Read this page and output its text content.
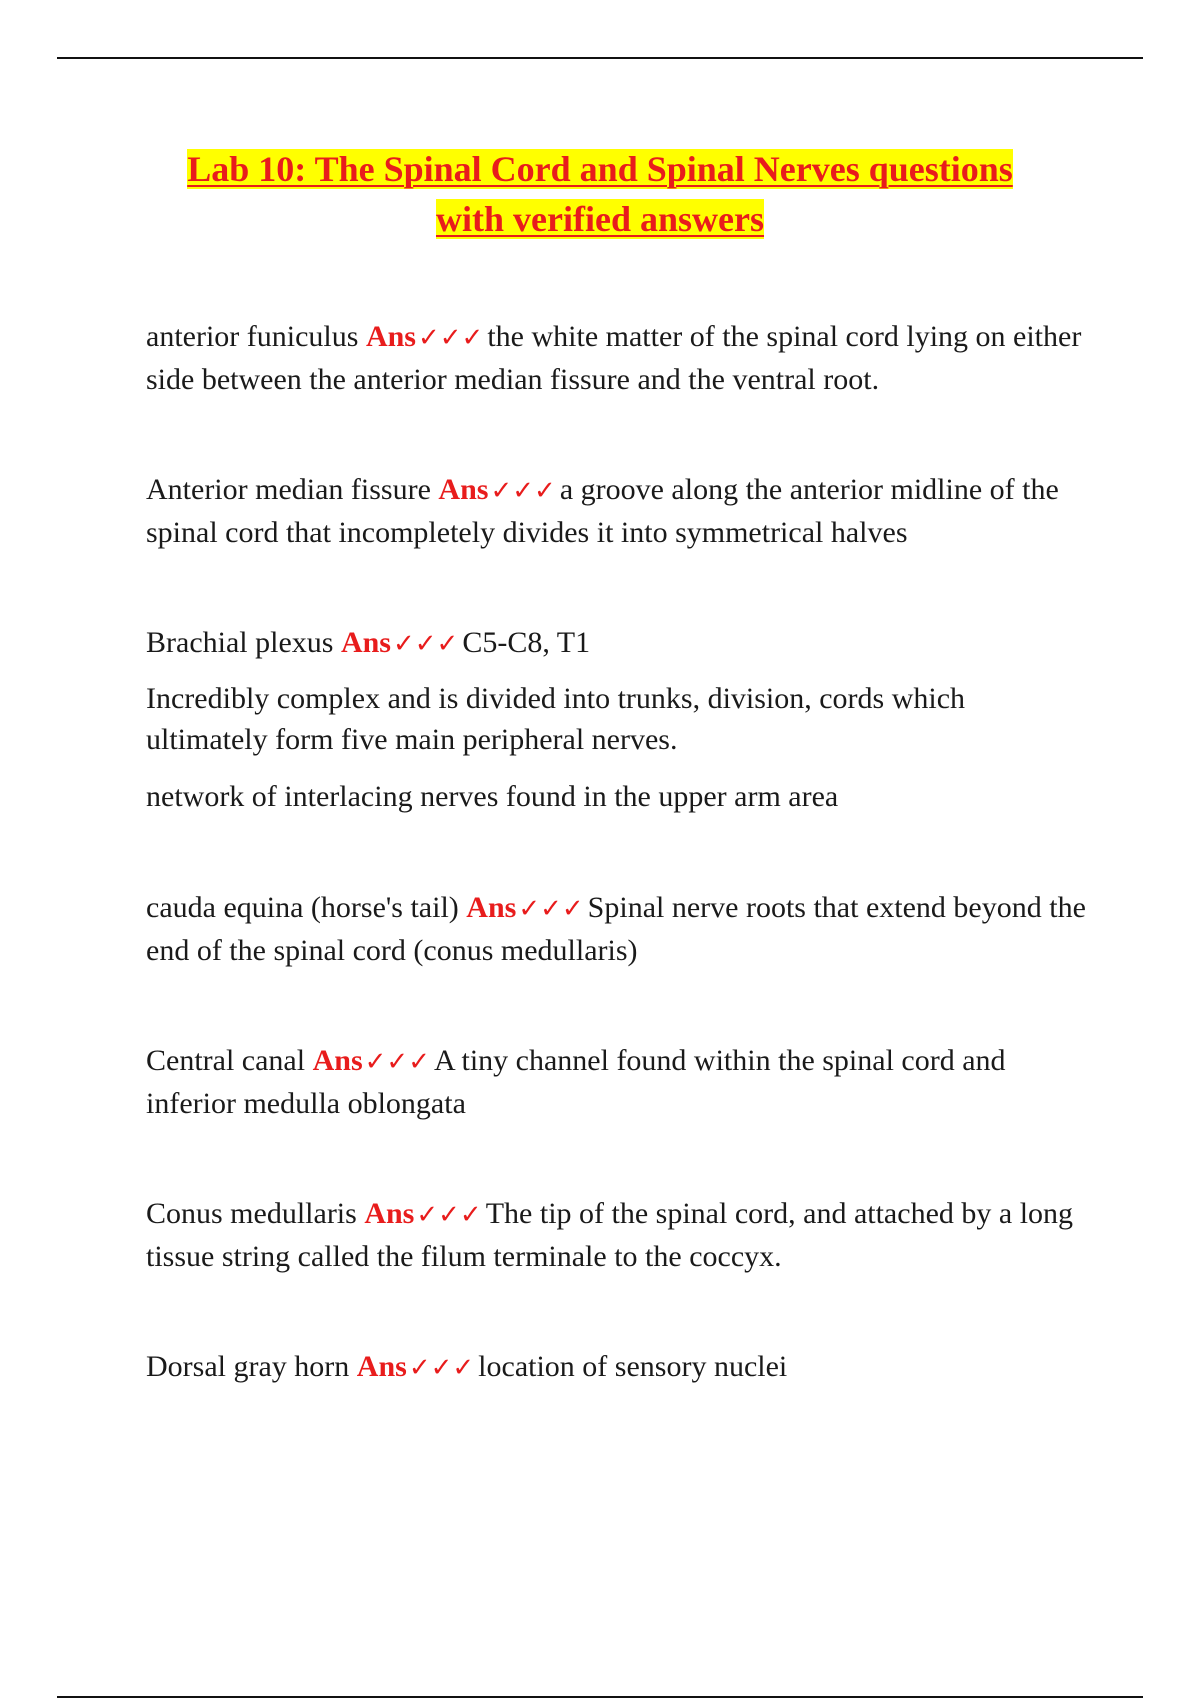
Lab 10: The Spinal Cord and Spinal Nerves questions
with verified answers

anterior funiculus Ans✓✓✓ the white matter of the spinal cord lying on either side between the anterior median fissure and the ventral root.

Anterior median fissure Ans✓✓✓ a groove along the anterior midline of the spinal cord that incompletely divides it into symmetrical halves

Brachial plexus Ans✓✓✓ C5-C8, T1

Incredibly complex and is divided into trunks, division, cords which ultimately form five main peripheral nerves.

network of interlacing nerves found in the upper arm area

cauda equina (horse's tail) Ans✓✓✓ Spinal nerve roots that extend beyond the end of the spinal cord (conus medullaris)

Central canal Ans✓✓✓ A tiny channel found within the spinal cord and inferior medulla oblongata

Conus medullaris Ans✓✓✓ The tip of the spinal cord, and attached by a long tissue string called the filum terminale to the coccyx.

Dorsal gray horn Ans✓✓✓ location of sensory nuclei
